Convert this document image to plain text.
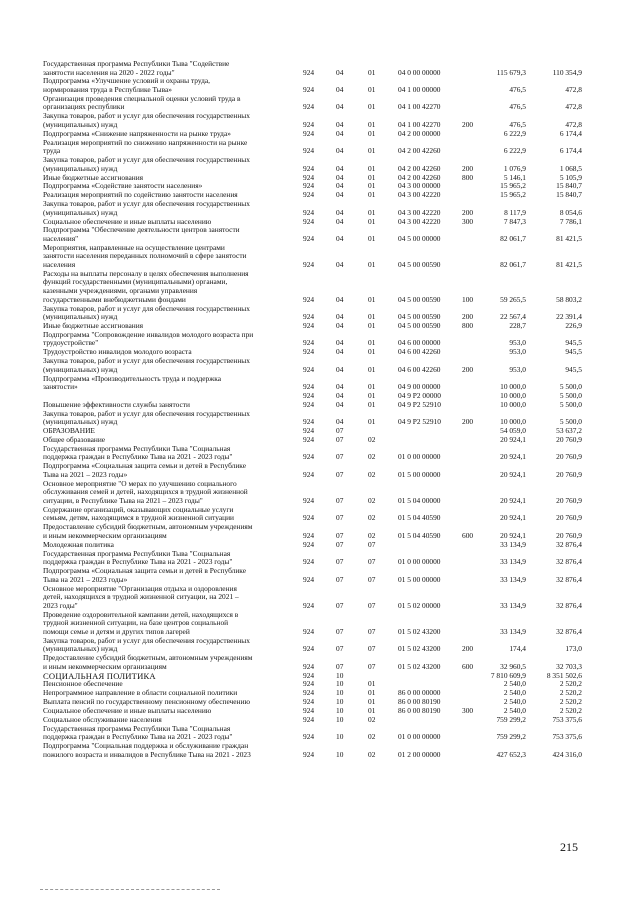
Государственная программа Республики Тыва "Содействие
занятости населения на 2020 - 2022 годы"	924	04	01	04 0 00 00000	115 679,3	110 354,9
Подпрограмма «Улучшение условий и охраны труда,
нормирования труда в Республике Тыва»	924	04	01	04 1 00 00000	476,5	472,8
Организация проведения специальной оценки условий труда в
организациях республики	924	04	01	04 1 00 42270	476,5	472,8
Закупка товаров, работ и услуг для обеспечения государственных
(муниципальных) нужд	924	04	01	04 1 00 42270	200	476,5	472,8
Подпрограмма «Снижение напряженности на рынке труда»	924	04	01	04 2 00 00000	6 222,9	6 174,4
Реализация мероприятий по снижению напряженности на рынке
труда	924	04	01	04 2 00 42260	6 222,9	6 174,4
Закупка товаров, работ и услуг для обеспечения государственных
(муниципальных) нужд	924	04	01	04 2 00 42260	200	1 076,9	1 068,5
Иные бюджетные ассигнования	924	04	01	04 2 00 42260	800	5 146,1	5 105,9
Подпрограмма «Содействие занятости населения»	924	04	01	04 3 00 00000	15 965,2	15 840,7
Реализация мероприятий по содействию занятости населения	924	04	01	04 3 00 42220	15 965,2	15 840,7
Закупка товаров, работ и услуг для обеспечения государственных
(муниципальных) нужд	924	04	01	04 3 00 42220	200	8 117,9	8 054,6
Социальное обеспечение и иные выплаты населению	924	04	01	04 3 00 42220	300	7 847,3	7 786,1
Подпрограмма "Обеспечение деятельности центров занятости
населения"	924	04	01	04 5 00 00000	82 061,7	81 421,5
Мероприятия, направленные на осуществление центрами
занятости населения переданных полномочий в сфере занятости
населения	924	04	01	04 5 00 00590	82 061,7	81 421,5
Расходы на выплаты персоналу в целях обеспечения выполнения
функций государственными (муниципальными) органами,
казенными учреждениями, органами управления
государственными внебюджетными фондами	924	04	01	04 5 00 00590	100	59 265,5	58 803,2
Закупка товаров, работ и услуг для обеспечения государственных
(муниципальных) нужд	924	04	01	04 5 00 00590	200	22 567,4	22 391,4
Иные бюджетные ассигнования	924	04	01	04 5 00 00590	800	228,7	226,9
Подпрограмма "Сопровождение инвалидов молодого возраста при
трудоустройстве"	924	04	01	04 6 00 00000	953,0	945,5
Трудоустройство инвалидов молодого возраста	924	04	01	04 6 00 42260	953,0	945,5
Закупка товаров, работ и услуг для обеспечения государственных
(муниципальных) нужд	924	04	01	04 6 00 42260	200	953,0	945,5
Подпрограмма «Производительность труда и поддержка
занятости»	924	04	01	04 9 00 00000	10 000,0	5 500,0
924	04	01	04 9 P2 00000	10 000,0	5 500,0
Повышение эффективности службы занятости	924	04	01	04 9 P2 52910	10 000,0	5 500,0
Закупка товаров, работ и услуг для обеспечения государственных
(муниципальных) нужд	924	04	01	04 9 P2 52910	200	10 000,0	5 500,0
ОБРАЗОВАНИЕ	924	07	54 059,0	53 637,2
Общее образование	924	07	02	20 924,1	20 760,9
Государственная программа Республики Тыва "Социальная
поддержка граждан в Республике Тыва на 2021 - 2023 годы"	924	07	02	01 0 00 00000	20 924,1	20 760,9
Подпрограмма «Социальная защита семьи и детей в Республике
Тыва на 2021 – 2023 годы»	924	07	02	01 5 00 00000	20 924,1	20 760,9
Основное мероприятие "О мерах по улучшению социального
обслуживания семей и детей, находящихся в трудной жизненной
ситуации, в Республике Тыва на 2021 – 2023 годы"	924	07	02	01 5 04 00000	20 924,1	20 760,9
Содержание организаций, оказывающих социальные услуги
семьям, детям, находящимся в трудной жизненной ситуации	924	07	02	01 5 04 40590	20 924,1	20 760,9
Предоставление субсидий бюджетным, автономным учреждениям
и иным некоммерческим организациям	924	07	02	01 5 04 40590	600	20 924,1	20 760,9
Молодежная политика	924	07	07	33 134,9	32 876,4
Государственная программа Республики Тыва "Социальная
поддержка граждан в Республике Тыва на 2021 - 2023 годы"	924	07	07	01 0 00 00000	33 134,9	32 876,4
Подпрограмма «Социальная защита семьи и детей в Республике
Тыва на 2021 – 2023 годы»	924	07	07	01 5 00 00000	33 134,9	32 876,4
Основное мероприятие "Организация отдыха и оздоровления
детей, находящихся в трудной жизненной ситуации, на 2021 –
2023 годы"	924	07	07	01 5 02 00000	33 134,9	32 876,4
Проведение оздоровительной кампании детей, находящихся в
трудной жизненной ситуации, на базе центров социальной
помощи семье и детям и других типов лагерей	924	07	07	01 5 02 43200	33 134,9	32 876,4
Закупка товаров, работ и услуг для обеспечения государственных
(муниципальных) нужд	924	07	07	01 5 02 43200	200	174,4	173,0
Предоставление субсидий бюджетным, автономным учреждениям
и иным некоммерческим организациям	924	07	07	01 5 02 43200	600	32 960,5	32 703,3
СОЦИАЛЬНАЯ ПОЛИТИКА	924	10	7 810 609,9	8 351 502,6
Пенсионное обеспечение	924	10	01	2 540,0	2 520,2
Непрограммное направление в области социальной политики	924	10	01	86 0 00 00000	2 540,0	2 520,2
Выплата пенсий по государственному пенсионному обеспечению	924	10	01	86 0 00 80190	2 540,0	2 520,2
Социальное обеспечение и иные выплаты населению	924	10	01	86 0 00 80190	300	2 540,0	2 520,2
Социальное обслуживание населения	924	10	02	759 299,2	753 375,6
Государственная программа Республики Тыва "Социальная
поддержка граждан в Республике Тыва на 2021 - 2023 годы"	924	10	02	01 0 00 00000	759 299,2	753 375,6
Подпрограмма "Социальная поддержка и обслуживание граждан
пожилого возраста и инвалидов в Республике Тыва на 2021 - 2023	924	10	02	01 2 00 00000	427 652,3	424 316,0
215
